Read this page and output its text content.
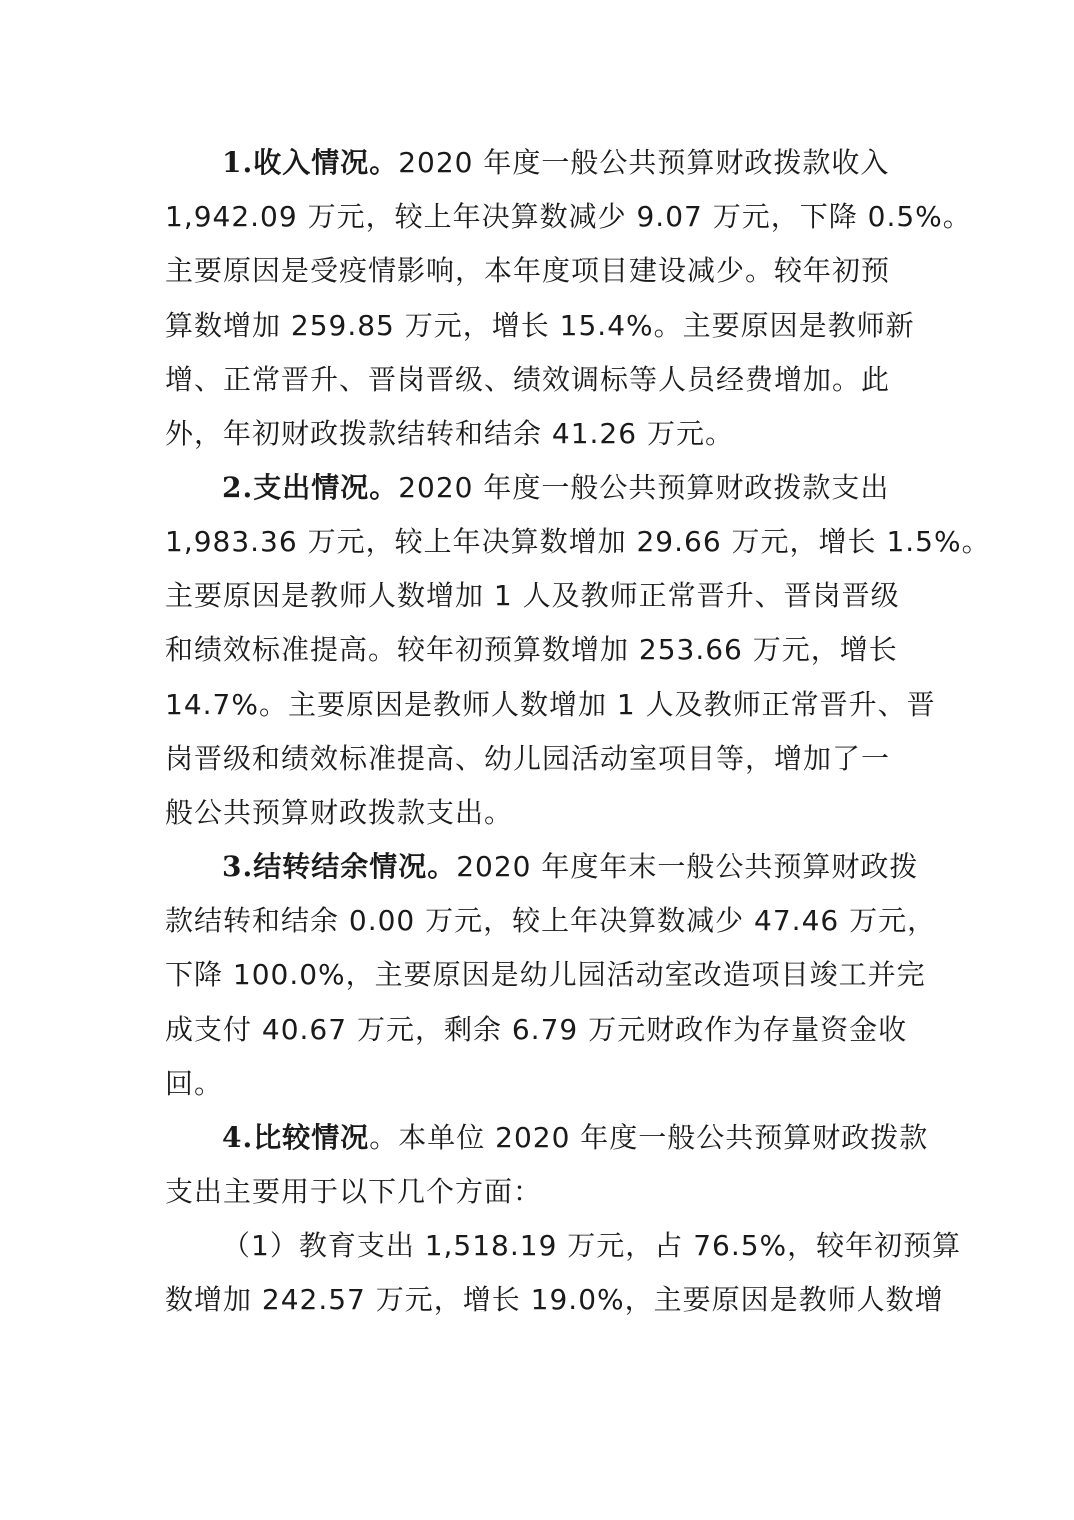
1.收入情况。2020 年度一般公共预算财政拨款收入
1,942.09 万元，较上年决算数减少 9.07 万元，下降 0.5%。
主要原因是受疫情影响，本年度项目建设减少。较年初预
算数增加 259.85 万元，增长 15.4%。主要原因是教师新
增、正常晋升、晋岗晋级、绩效调标等人员经费增加。此
外，年初财政拨款结转和结余 41.26 万元。
2.支出情况。2020 年度一般公共预算财政拨款支出
1,983.36 万元，较上年决算数增加 29.66 万元，增长 1.5%。
主要原因是教师人数增加 1 人及教师正常晋升、晋岗晋级
和绩效标准提高。较年初预算数增加 253.66 万元，增长
14.7%。主要原因是教师人数增加 1 人及教师正常晋升、晋
岗晋级和绩效标准提高、幼儿园活动室项目等，增加了一
般公共预算财政拨款支出。
3.结转结余情况。2020 年度年末一般公共预算财政拨
款结转和结余 0.00 万元，较上年决算数减少 47.46 万元，
下降 100.0%，主要原因是幼儿园活动室改造项目竣工并完
成支付 40.67 万元，剩余 6.79 万元财政作为存量资金收
回。
4.比较情况。本单位 2020 年度一般公共预算财政拨款
支出主要用于以下几个方面：
（1）教育支出 1,518.19 万元，占 76.5%，较年初预算
数增加 242.57 万元，增长 19.0%，主要原因是教师人数增
